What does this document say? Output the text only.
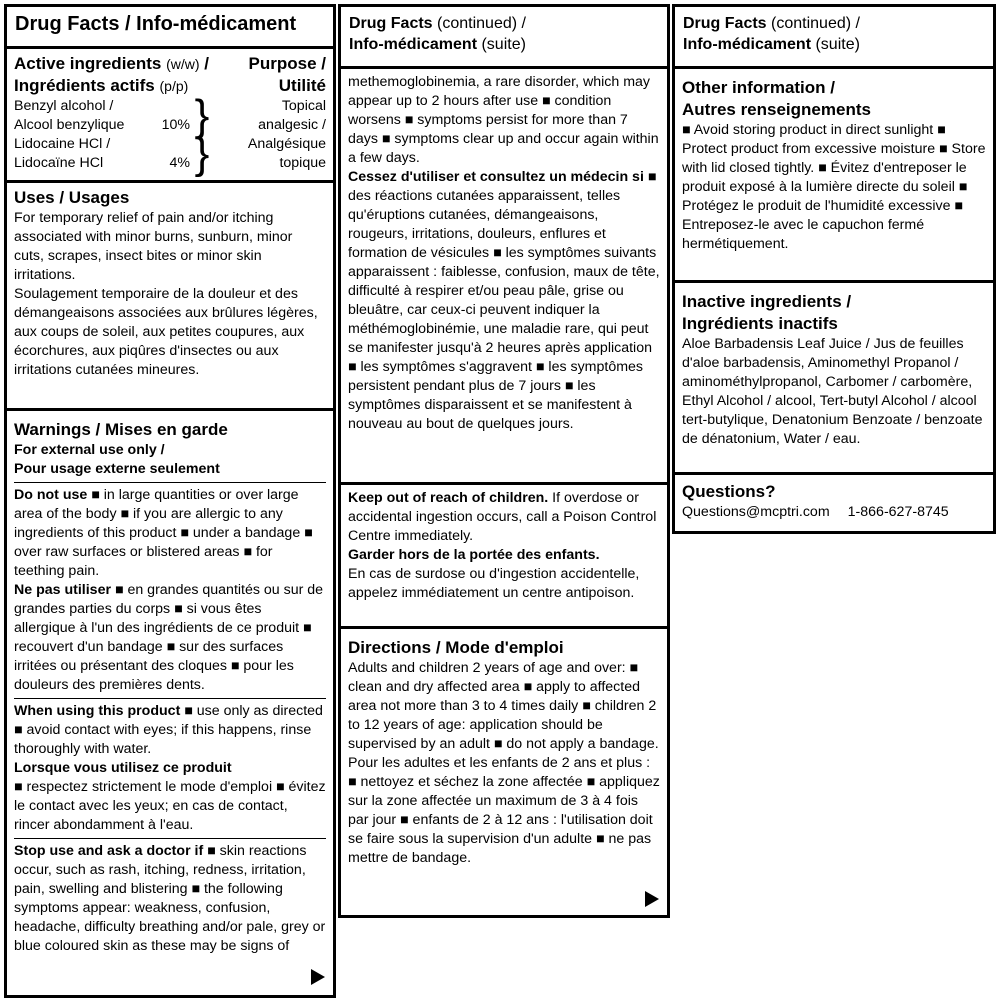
Drug Facts / Info-médicament
Active ingredients (w/w) /
Ingrédients actifs (p/p)
Purpose /
Utilité
Benzyl alcohol /
Alcool benzylique
Lidocaine HCl /
Lidocaïne HCl

10%

4%
}
}
Topical
analgesic /
Analgésique
topique
Uses / Usages

For temporary relief of pain and/or itching associated with minor burns, sunburn, minor cuts, scrapes, insect bites or minor skin irritations.

Soulagement temporaire de la douleur et des démangeaisons associées aux brûlures légères, aux coups de soleil, aux petites coupures, aux écorchures, aux piqûres d'insectes ou aux irritations cutanées mineures.

Warnings / Mises en garde
For external use only /
Pour usage externe seulement

Do not use ■ in large quantities or over large area of the body ■ if you are allergic to any ingredients of this product ■ under a bandage ■ over raw surfaces or blistered areas ■ for teething pain.

Ne pas utiliser ■ en grandes quantités ou sur de grandes parties du corps ■ si vous êtes allergique à l'un des ingrédients de ce produit ■ recouvert d'un bandage ■ sur des surfaces irritées ou présentant des cloques ■ pour les douleurs des premières dents.

When using this product ■ use only as directed ■ avoid contact with eyes; if this happens, rinse thoroughly with water.

Lorsque vous utilisez ce produit

■ respectez strictement le mode d'emploi ■ évitez le contact avec les yeux; en cas de contact, rincer abondamment à l'eau.

Stop use and ask a doctor if ■ skin reactions occur, such as rash, itching, redness, irritation, pain, swelling and blistering ■ the following symptoms appear: weakness, confusion, headache, difficulty breathing and/or pale, grey or blue coloured skin as these may be signs of

Drug Facts (continued) /
Info-médicament (suite)

methemoglobinemia, a rare disorder, which may appear up to 2 hours after use ■ condition worsens ■ symptoms persist for more than 7 days ■ symptoms clear up and occur again within a few days.

Cessez d'utiliser et consultez un médecin si ■ des réactions cutanées apparaissent, telles qu'éruptions cutanées, démangeaisons, rougeurs, irritations, douleurs, enflures et formation de vésicules ■ les symptômes suivants apparaissent : faiblesse, confusion, maux de tête, difficulté à respirer et/ou peau pâle, grise ou bleuâtre, car ceux-ci peuvent indiquer la méthémoglobinémie, une maladie rare, qui peut se manifester jusqu'à 2 heures après application ■ les symptômes s'aggravent ■ les symptômes persistent pendant plus de 7 jours ■ les symptômes disparaissent et se manifestent à nouveau au bout de quelques jours.

Keep out of reach of children. If overdose or accidental ingestion occurs, call a Poison Control Centre immediately.

Garder hors de la portée des enfants.

En cas de surdose ou d'ingestion accidentelle, appelez immédiatement un centre antipoison.

Directions / Mode d'emploi

Adults and children 2 years of age and over: ■ clean and dry affected area ■ apply to affected area not more than 3 to 4 times daily ■ children 2 to 12 years of age: application should be supervised by an adult ■ do not apply a bandage.

Pour les adultes et les enfants de 2 ans et plus : ■ nettoyez et séchez la zone affectée ■ appliquez sur la zone affectée un maximum de 3 à 4 fois par jour ■ enfants de 2 à 12 ans : l'utilisation doit se faire sous la supervision d'un adulte ■ ne pas mettre de bandage.

Drug Facts (continued) /
Info-médicament (suite)
Other information /
Autres renseignements

■ Avoid storing product in direct sunlight ■ Protect product from excessive moisture ■ Store with lid closed tightly. ■ Évitez d'entreposer le produit exposé à la lumière directe du soleil ■ Protégez le produit de l'humidité excessive ■ Entreposez-le avec le capuchon fermé hermétiquement.

Inactive ingredients /
Ingrédients inactifs

Aloe Barbadensis Leaf Juice / Jus de feuilles d'aloe barbadensis, Aminomethyl Propanol / aminométhylpropanol, Carbomer / carbomère, Ethyl Alcohol / alcool, Tert-butyl Alcohol / alcool tert-butylique, Denatonium Benzoate / benzoate de dénatonium, Water / eau.

Questions?
Questions@mcptri.com 1-866-627-8745
